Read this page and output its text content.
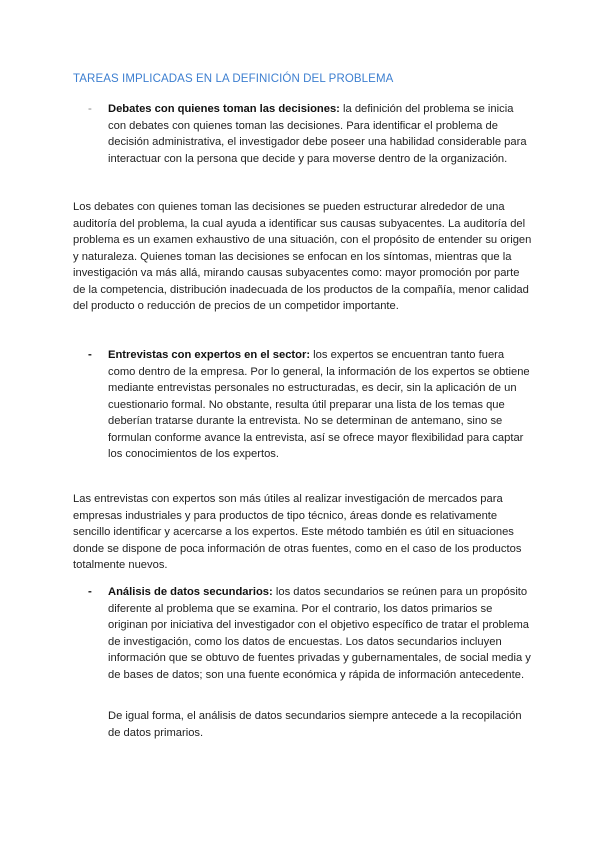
TAREAS IMPLICADAS EN LA DEFINICIÓN DEL PROBLEMA
- Debates con quienes toman las decisiones: la definición del problema se inicia con debates con quienes toman las decisiones. Para identificar el problema de decisión administrativa, el investigador debe poseer una habilidad considerable para interactuar con la persona que decide y para moverse dentro de la organización.
Los debates con quienes toman las decisiones se pueden estructurar alrededor de una auditoría del problema, la cual ayuda a identificar sus causas subyacentes. La auditoría del problema es un examen exhaustivo de una situación, con el propósito de entender su origen y naturaleza. Quienes toman las decisiones se enfocan en los síntomas, mientras que la investigación va más allá, mirando causas subyacentes como: mayor promoción por parte de la competencia, distribución inadecuada de los productos de la compañía, menor calidad del producto o reducción de precios de un competidor importante.
- Entrevistas con expertos en el sector: los expertos se encuentran tanto fuera como dentro de la empresa. Por lo general, la información de los expertos se obtiene mediante entrevistas personales no estructuradas, es decir, sin la aplicación de un cuestionario formal. No obstante, resulta útil preparar una lista de los temas que deberían tratarse durante la entrevista. No se determinan de antemano, sino se formulan conforme avance la entrevista, así se ofrece mayor flexibilidad para captar los conocimientos de los expertos.
Las entrevistas con expertos son más útiles al realizar investigación de mercados para empresas industriales y para productos de tipo técnico, áreas donde es relativamente sencillo identificar y acercarse a los expertos. Este método también es útil en situaciones donde se dispone de poca información de otras fuentes, como en el caso de los productos totalmente nuevos.
- Análisis de datos secundarios: los datos secundarios se reúnen para un propósito diferente al problema que se examina. Por el contrario, los datos primarios se originan por iniciativa del investigador con el objetivo específico de tratar el problema de investigación, como los datos de encuestas. Los datos secundarios incluyen información que se obtuvo de fuentes privadas y gubernamentales, de social media y de bases de datos; son una fuente económica y rápida de información antecedente.
De igual forma, el análisis de datos secundarios siempre antecede a la recopilación de datos primarios.
